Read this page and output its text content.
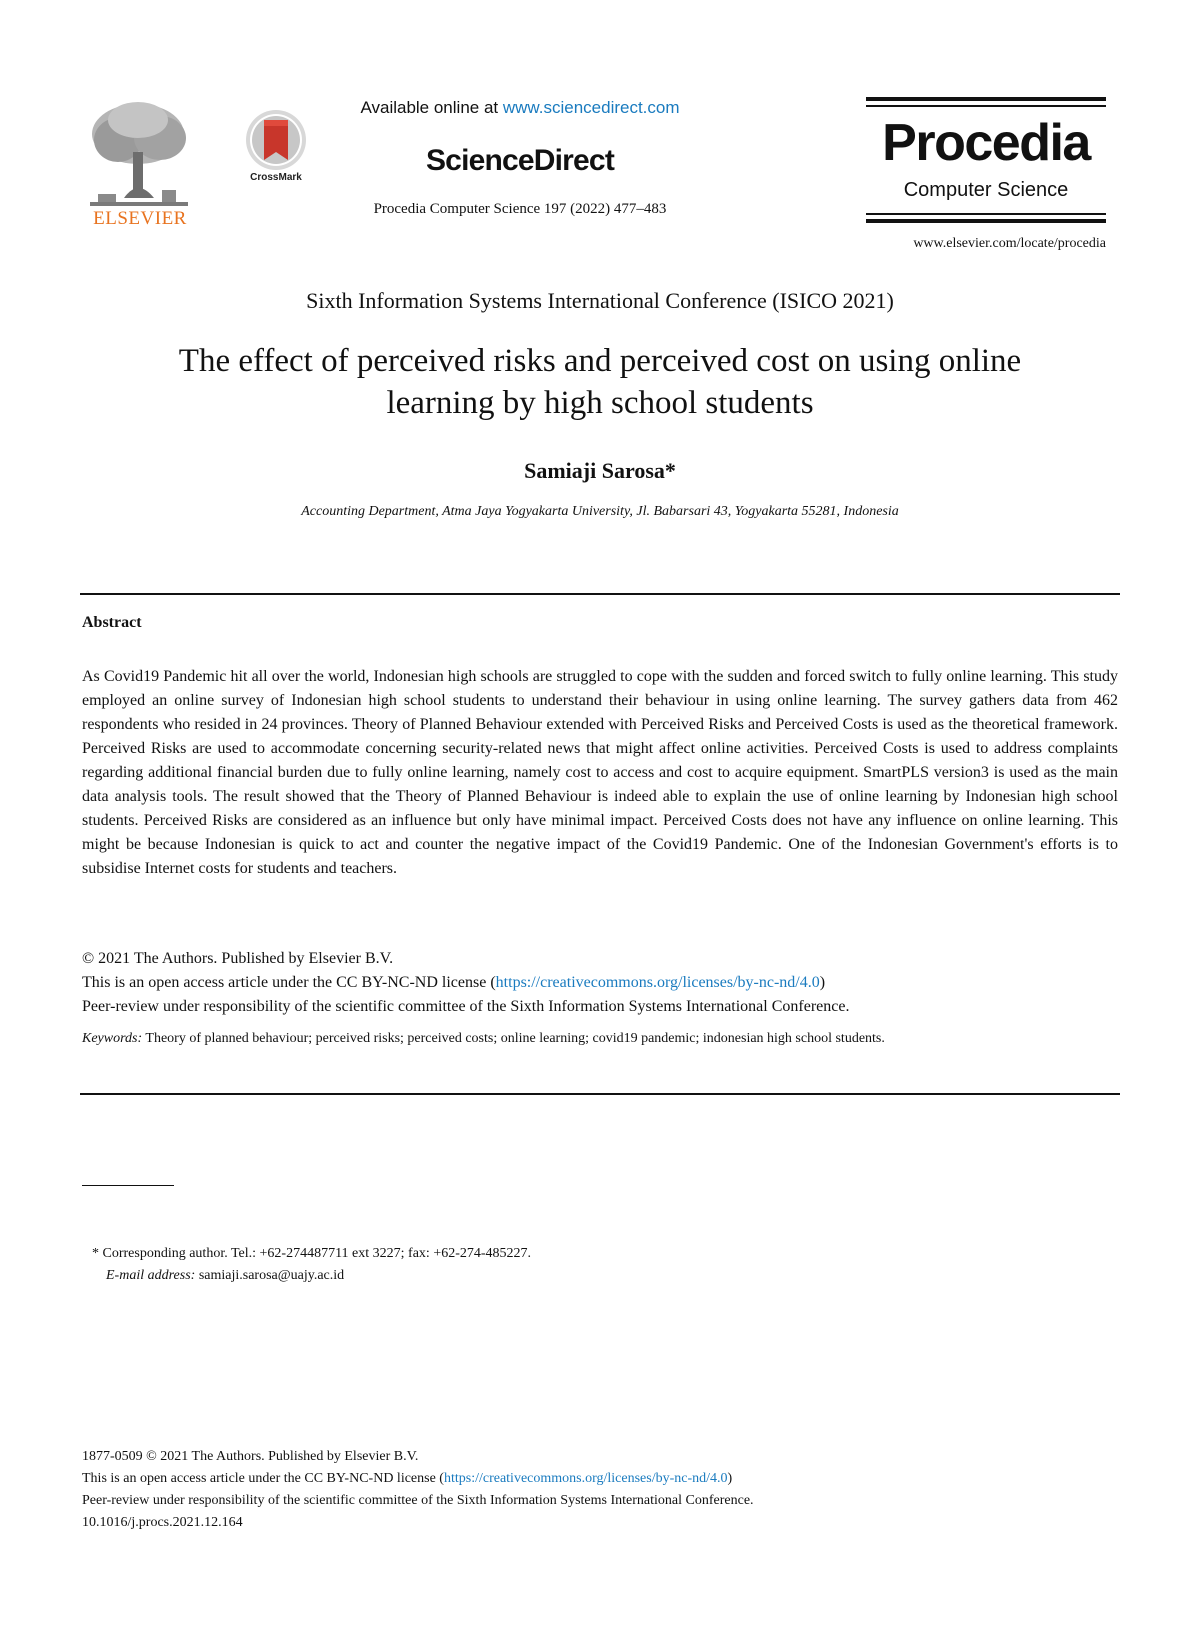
ELSEVIER
CrossMark
Available online at www.sciencedirect.com
ScienceDirect
Procedia Computer Science 197 (2022) 477–483
Procedia
Computer Science
www.elsevier.com/locate/procedia
Sixth Information Systems International Conference (ISICO 2021)
The effect of perceived risks and perceived cost on using online
learning by high school students
Samiaji Sarosa*
Accounting Department, Atma Jaya Yogyakarta University, Jl. Babarsari 43, Yogyakarta 55281, Indonesia
Abstract
As Covid19 Pandemic hit all over the world, Indonesian high schools are struggled to cope with the sudden and forced switch to fully online learning. This study employed an online survey of Indonesian high school students to understand their behaviour in using online learning. The survey gathers data from 462 respondents who resided in 24 provinces. Theory of Planned Behaviour extended with Perceived Risks and Perceived Costs is used as the theoretical framework. Perceived Risks are used to accommodate concerning security-related news that might affect online activities. Perceived Costs is used to address complaints regarding additional financial burden due to fully online learning, namely cost to access and cost to acquire equipment. SmartPLS version3 is used as the main data analysis tools. The result showed that the Theory of Planned Behaviour is indeed able to explain the use of online learning by Indonesian high school students. Perceived Risks are considered as an influence but only have minimal impact. Perceived Costs does not have any influence on online learning. This might be because Indonesian is quick to act and counter the negative impact of the Covid19 Pandemic. One of the Indonesian Government's efforts is to subsidise Internet costs for students and teachers.
© 2021 The Authors. Published by Elsevier B.V.
This is an open access article under the CC BY-NC-ND license (https://creativecommons.org/licenses/by-nc-nd/4.0)
Peer-review under responsibility of the scientific committee of the Sixth Information Systems International Conference.
Keywords: Theory of planned behaviour; perceived risks; perceived costs; online learning; covid19 pandemic; indonesian high school students.
* Corresponding author. Tel.: +62-274487711 ext 3227; fax: +62-274-485227.
E-mail address: samiaji.sarosa@uajy.ac.id
1877-0509 © 2021 The Authors. Published by Elsevier B.V.
This is an open access article under the CC BY-NC-ND license (https://creativecommons.org/licenses/by-nc-nd/4.0)
Peer-review under responsibility of the scientific committee of the Sixth Information Systems International Conference.
10.1016/j.procs.2021.12.164
